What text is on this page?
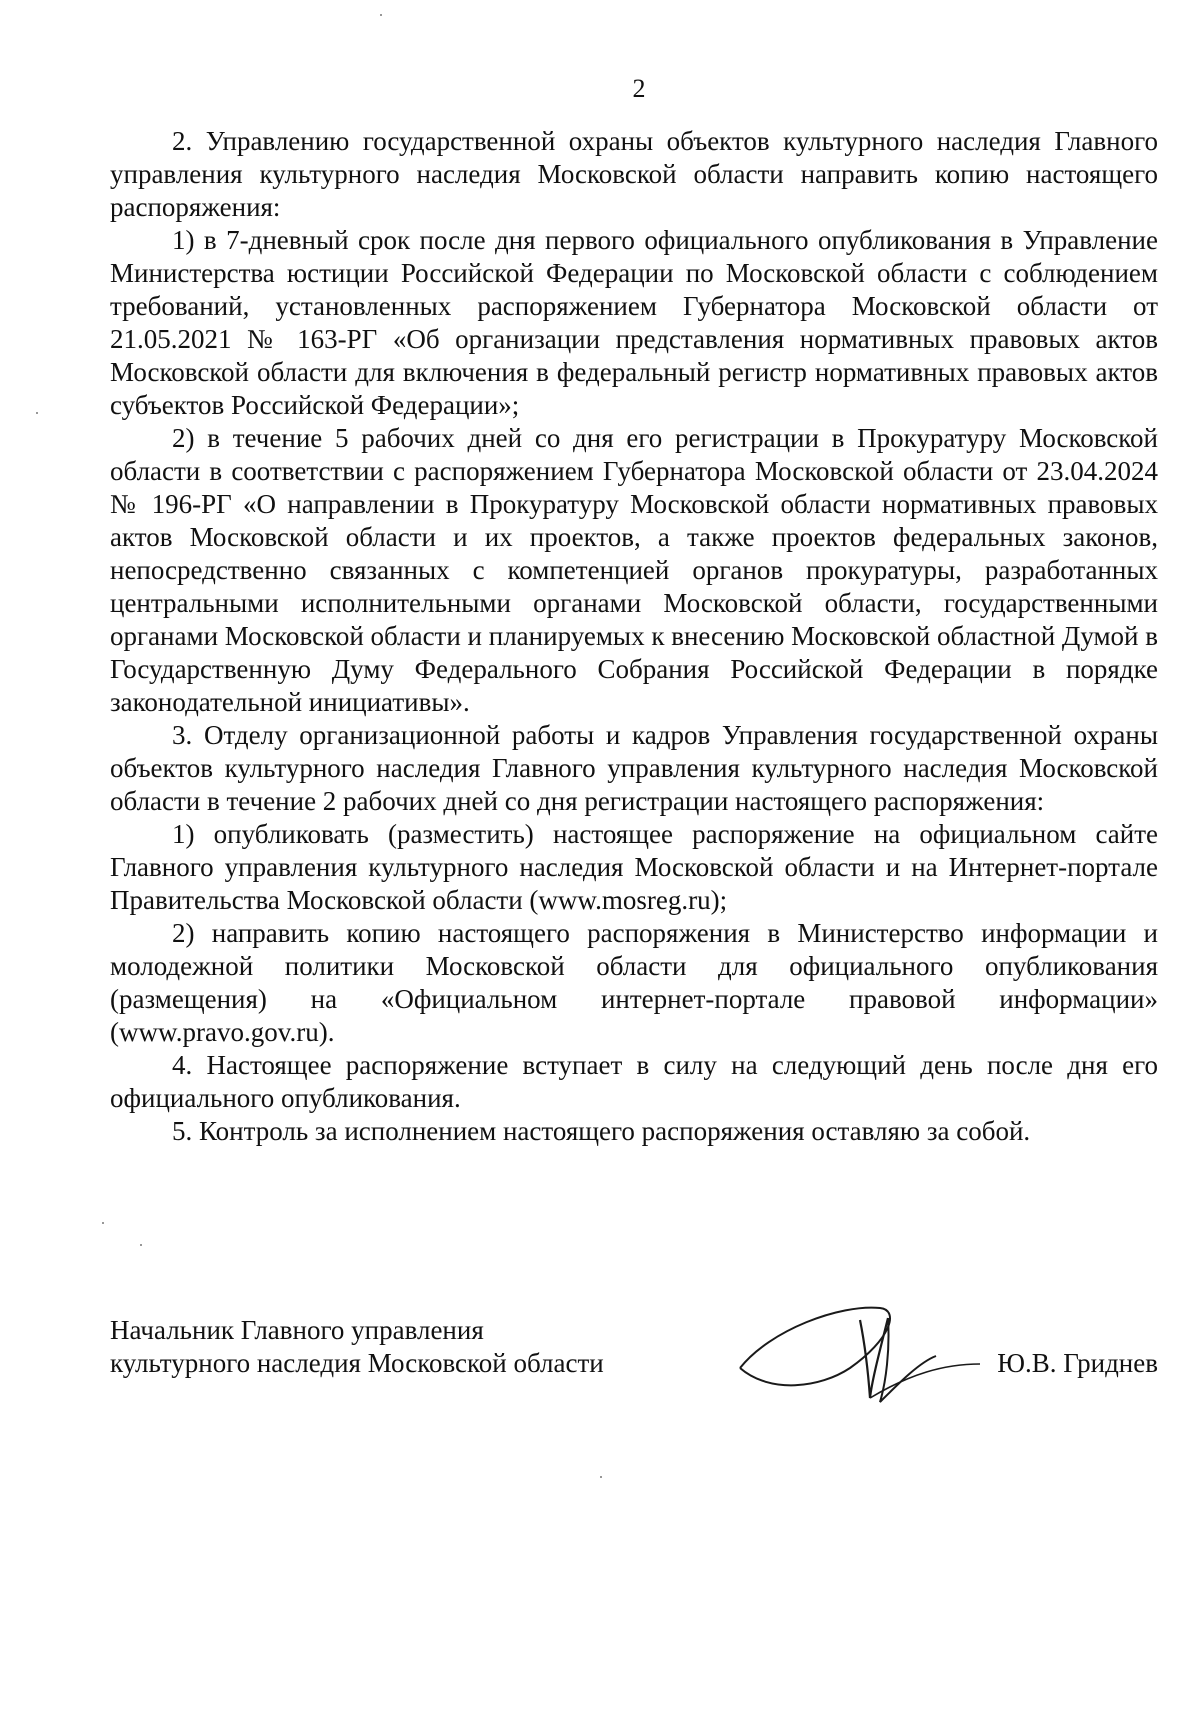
2

2. Управлению государственной охраны объектов культурного наследия Главного управления культурного наследия Московской области направить копию настоящего распоряжения:

1) в 7-дневный срок после дня первого официального опубликования в Управление Министерства юстиции Российской Федерации по Московской области с соблюдением требований, установленных распоряжением Губернатора Московской области от 21.05.2021 № 163-РГ «Об организации представления нормативных правовых актов Московской области для включения в федеральный регистр нормативных правовых актов субъектов Российской Федерации»;

2) в течение 5 рабочих дней со дня его регистрации в Прокуратуру Московской области в соответствии с распоряжением Губернатора Московской области от 23.04.2024 № 196-РГ «О направлении в Прокуратуру Московской области нормативных правовых актов Московской области и их проектов, а также проектов федеральных законов, непосредственно связанных с компетенцией органов прокуратуры, разработанных центральными исполнительными органами Московской области, государственными органами Московской области и планируемых к внесению Московской областной Думой в Государственную Думу Федерального Собрания Российской Федерации в порядке законодательной инициативы».

3. Отделу организационной работы и кадров Управления государственной охраны объектов культурного наследия Главного управления культурного наследия Московской области в течение 2 рабочих дней со дня регистрации настоящего распоряжения:

1) опубликовать (разместить) настоящее распоряжение на официальном сайте Главного управления культурного наследия Московской области и на Интернет-портале Правительства Московской области (www.mosreg.ru);

2) направить копию настоящего распоряжения в Министерство информации и молодежной политики Московской области для официального опубликования (размещения) на «Официальном интернет-портале правовой информации» (www.pravo.gov.ru).

4. Настоящее распоряжение вступает в силу на следующий день после дня его официального опубликования.

5. Контроль за исполнением настоящего распоряжения оставляю за собой.

Начальник Главного управления
культурного наследия Московской области	Ю.В. Гриднев
